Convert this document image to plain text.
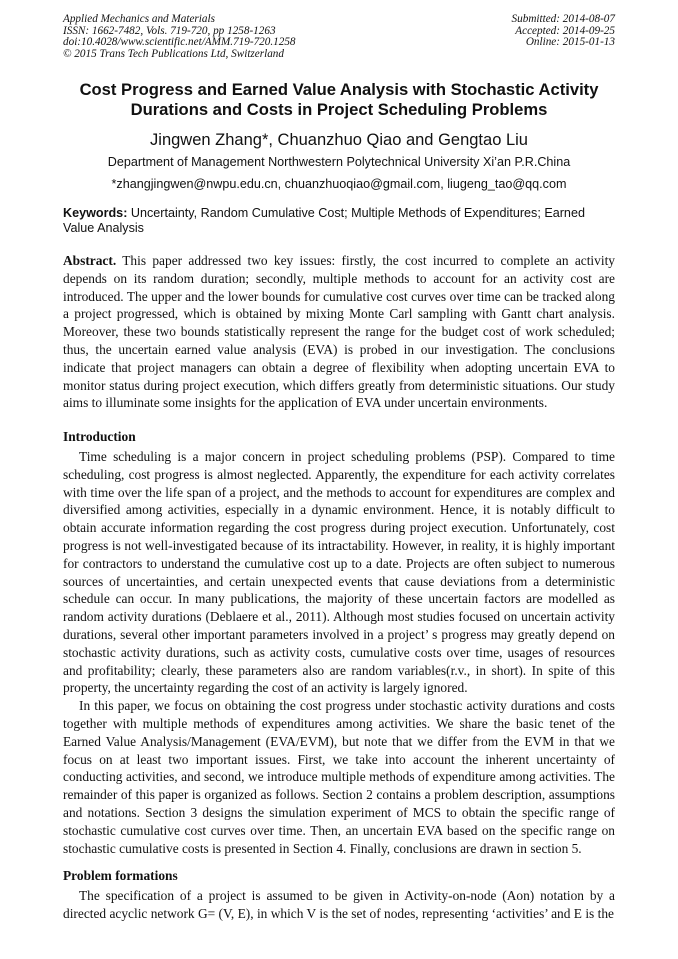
Applied Mechanics and Materials
ISSN: 1662-7482, Vols. 719-720, pp 1258-1263
doi:10.4028/www.scientific.net/AMM.719-720.1258
© 2015 Trans Tech Publications Ltd, Switzerland
Submitted: 2014-08-07
Accepted: 2014-09-25
Online: 2015-01-13
Cost Progress and Earned Value Analysis with Stochastic Activity Durations and Costs in Project Scheduling Problems
Jingwen Zhang*, Chuanzhuo Qiao and Gengtao Liu
Department of Management Northwestern Polytechnical University Xi’an P.R.China
*zhangjingwen@nwpu.edu.cn, chuanzhuoqiao@gmail.com, liugeng_tao@qq.com
Keywords: Uncertainty, Random Cumulative Cost; Multiple Methods of Expenditures; Earned Value Analysis
Abstract. This paper addressed two key issues: firstly, the cost incurred to complete an activity depends on its random duration; secondly, multiple methods to account for an activity cost are introduced. The upper and the lower bounds for cumulative cost curves over time can be tracked along a project progressed, which is obtained by mixing Monte Carl sampling with Gantt chart analysis. Moreover, these two bounds statistically represent the range for the budget cost of work scheduled; thus, the uncertain earned value analysis (EVA) is probed in our investigation. The conclusions indicate that project managers can obtain a degree of flexibility when adopting uncertain EVA to monitor status during project execution, which differs greatly from deterministic situations. Our study aims to illuminate some insights for the application of EVA under uncertain environments.
Introduction

Time scheduling is a major concern in project scheduling problems (PSP). Compared to time scheduling, cost progress is almost neglected. Apparently, the expenditure for each activity correlates with time over the life span of a project, and the methods to account for expenditures are complex and diversified among activities, especially in a dynamic environment. Hence, it is notably difficult to obtain accurate information regarding the cost progress during project execution. Unfortunately, cost progress is not well-investigated because of its intractability. However, in reality, it is highly important for contractors to understand the cumulative cost up to a date. Projects are often subject to numerous sources of uncertainties, and certain unexpected events that cause deviations from a deterministic schedule can occur. In many publications, the majority of these uncertain factors are modelled as random activity durations (Deblaere et al., 2011). Although most studies focused on uncertain activity durations, several other important parameters involved in a project’ s progress may greatly depend on stochastic activity durations, such as activity costs, cumulative costs over time, usages of resources and profitability; clearly, these parameters also are random variables(r.v., in short). In spite of this property, the uncertainty regarding the cost of an activity is largely ignored.

In this paper, we focus on obtaining the cost progress under stochastic activity durations and costs together with multiple methods of expenditures among activities. We share the basic tenet of the Earned Value Analysis/Management (EVA/EVM), but note that we differ from the EVM in that we focus on at least two important issues. First, we take into account the inherent uncertainty of conducting activities, and second, we introduce multiple methods of expenditure among activities. The remainder of this paper is organized as follows. Section 2 contains a problem description, assumptions and notations. Section 3 designs the simulation experiment of MCS to obtain the specific range of stochastic cumulative cost curves over time. Then, an uncertain EVA based on the specific range on stochastic cumulative costs is presented in Section 4. Finally, conclusions are drawn in section 5.

Problem formations

The specification of a project is assumed to be given in Activity-on-node (Aon) notation by a directed acyclic network G= (V, E), in which V is the set of nodes, representing ‘activities’ and E is the
